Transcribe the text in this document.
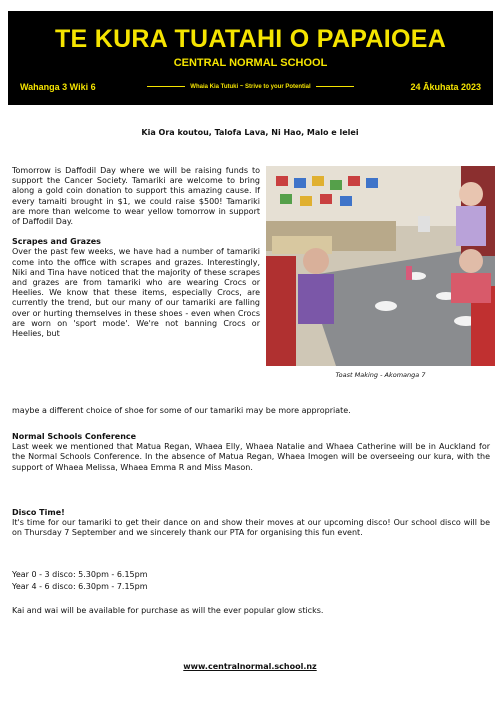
TE KURA TUATAHI O PAPAIOEA
CENTRAL NORMAL SCHOOL
Wahanga 3 Wiki 6	Whaia Kia Tutuki ~ Strive to your Potential	24 Ākuhata 2023
Kia Ora koutou, Talofa Lava, Ni Hao, Malo e lelei

Tomorrow is Daffodil Day where we will be raising funds to support the Cancer Society. Tamariki are welcome to bring along a gold coin donation to support this amazing cause. If every tamaiti brought in $1, we could raise $500! Tamariki are more than welcome to wear yellow tomorrow in support of Daffodil Day.

Scrapes and Grazes

Over the past few weeks, we have had a number of tamariki come into the office with scrapes and grazes. Interestingly, Niki and Tina have noticed that the majority of these scrapes and grazes are from tamariki who are wearing Crocs or Heelies. We know that these items, especially Crocs, are currently the trend, but our many of our tamariki are falling over or hurting themselves in these shoes - even when Crocs are worn on 'sport mode'. We're not banning Crocs or Heelies, but

Toast Making - Akomanga 7
maybe a different choice of shoe for some of our tamariki may be more appropriate.
Normal Schools Conference

Last week we mentioned that Matua Regan, Whaea Elly, Whaea Natalie and Whaea Catherine will be in Auckland for the Normal Schools Conference. In the absence of Matua Regan, Whaea Imogen will be overseeing our kura, with the support of Whaea Melissa, Whaea Emma R and Miss Mason.

Disco Time!

It's time for our tamariki to get their dance on and show their moves at our upcoming disco! Our school disco will be on Thursday 7 September and we sincerely thank our PTA for organising this fun event.

Year 0 - 3 disco: 5.30pm - 6.15pm
Year 4 - 6 disco: 6.30pm - 7.15pm
Kai and wai will be available for purchase as will the ever popular glow sticks.
www.centralnormal.school.nz
